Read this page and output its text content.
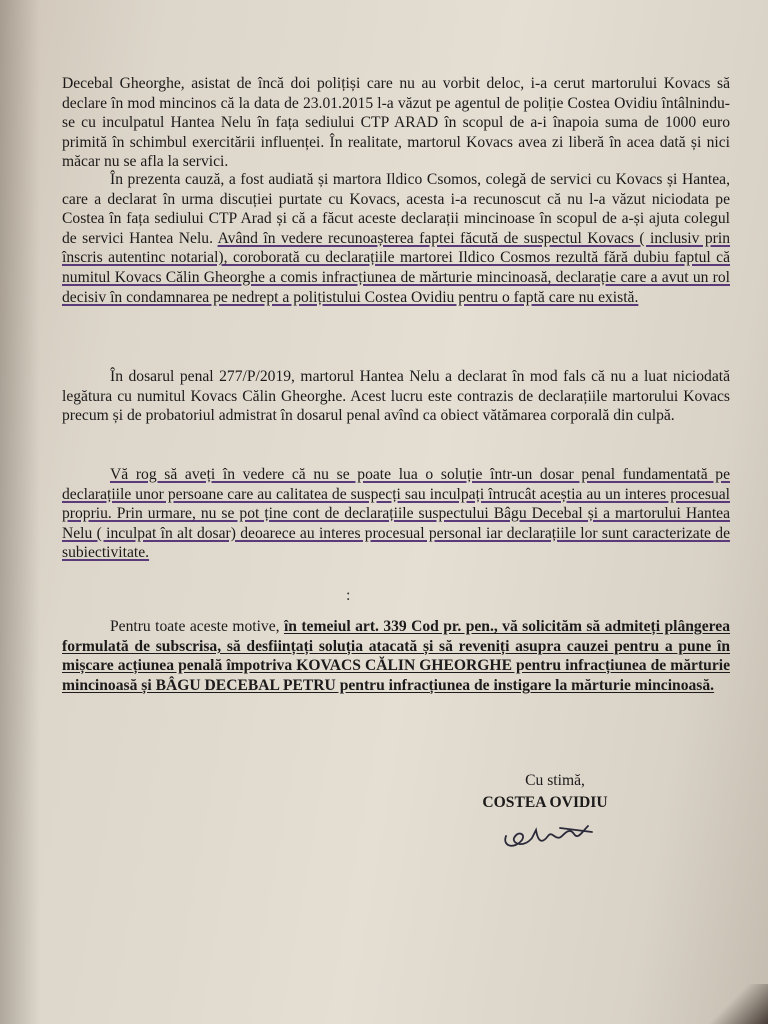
Decebal Gheorghe, asistat de încă doi polițiși care nu au vorbit deloc, i-a cerut martorului Kovacs să declare în mod mincinos că la data de 23.01.2015 l-a văzut pe agentul de poliție Costea Ovidiu întâlnindu-se cu inculpatul Hantea Nelu în fața sediului CTP ARAD în scopul de a-i înapoia suma de 1000 euro primită în schimbul exercitării influenței. În realitate, martorul Kovacs avea zi liberă în acea dată și nici măcar nu se afla la servici.

În prezenta cauză, a fost audiată și martora Ildico Csomos, colegă de servici cu Kovacs și Hantea, care a declarat în urma discuției purtate cu Kovacs, acesta i-a recunoscut că nu l-a văzut niciodata pe Costea în fața sediului CTP Arad și că a făcut aceste declarații mincinoase în scopul de a-și ajuta colegul de servici Hantea Nelu. Având în vedere recunoașterea faptei făcută de suspectul Kovacs ( inclusiv prin înscris autentinc notarial), coroborată cu declarațiile martorei Ildico Cosmos rezultă fără dubiu faptul că numitul Kovacs Călin Gheorghe a comis infracțiunea de mărturie mincinoasă, declarație care a avut un rol decisiv în condamnarea pe nedrept a polițistului Costea Ovidiu pentru o faptă care nu există.

În dosarul penal 277/P/2019, martorul Hantea Nelu a declarat în mod fals că nu a luat niciodată legătura cu numitul Kovacs Călin Gheorghe. Acest lucru este contrazis de declarațiile martorului Kovacs precum și de probatoriul admistrat în dosarul penal avînd ca obiect vătămarea corporală din culpă.

Vă rog să aveți în vedere că nu se poate lua o soluție într-un dosar penal fundamentată pe declarațiile unor persoane care au calitatea de suspecți sau inculpați întrucât aceștia au un interes procesual propriu. Prin urmare, nu se pot ține cont de declarațiile suspectului Bâgu Decebal și a martorului Hantea Nelu ( inculpat în alt dosar) deoarece au interes procesual personal iar declarațiile lor sunt caracterizate de subiectivitate.

:

Pentru toate aceste motive, în temeiul art. 339 Cod pr. pen., vă solicităm să admiteți plângerea formulată de subscrisa, să desființați soluția atacată și să reveniți asupra cauzei pentru a pune în mișcare acțiunea penală împotriva KOVACS CĂLIN GHEORGHE pentru infracțiunea de mărturie mincinoasă și BÂGU DECEBAL PETRU pentru infracțiunea de instigare la mărturie mincinoasă.

Cu stimă,
COSTEA OVIDIU
